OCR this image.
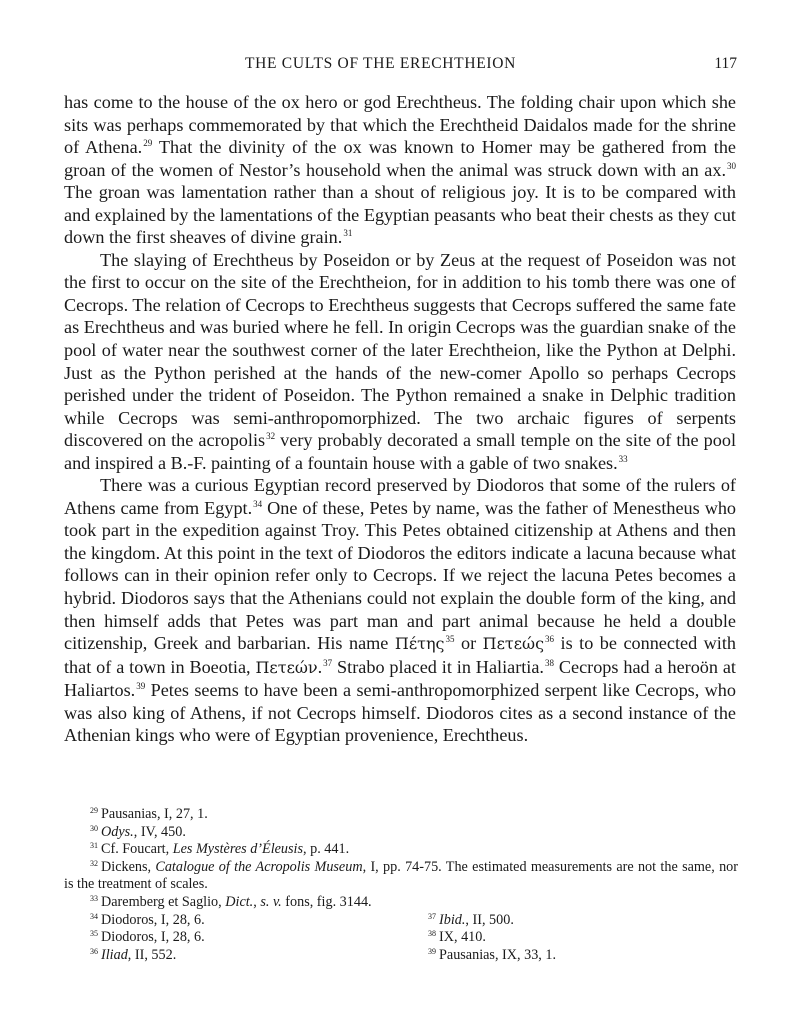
THE CULTS OF THE ERECHTHEION	117

has come to the house of the ox hero or god Erechtheus. The folding chair upon which she sits was perhaps commemorated by that which the Erechtheid Daidalos made for the shrine of Athena.$^{29}$ That the divinity of the ox was known to Homer may be gathered from the groan of the women of Nestor’s household when the animal was struck down with an ax.$^{30}$ The groan was lamentation rather than a shout of religious joy. It is to be compared with and explained by the lamentations of the Egyptian peasants who beat their chests as they cut down the first sheaves of divine grain.$^{31}$

The slaying of Erechtheus by Poseidon or by Zeus at the request of Poseidon was not the first to occur on the site of the Erechtheion, for in addition to his tomb there was one of Cecrops. The relation of Cecrops to Erechtheus suggests that Cecrops suffered the same fate as Erechtheus and was buried where he fell. In origin Cecrops was the guardian snake of the pool of water near the southwest corner of the later Erechtheion, like the Python at Delphi. Just as the Python perished at the hands of the new-comer Apollo so perhaps Cecrops perished under the trident of Poseidon. The Python remained a snake in Delphic tradition while Cecrops was semi-anthropomorphized. The two archaic figures of serpents discovered on the acropolis$^{32}$ very probably decorated a small temple on the site of the pool and inspired a B.-F. painting of a fountain house with a gable of two snakes.$^{33}$

There was a curious Egyptian record preserved by Diodoros that some of the rulers of Athens came from Egypt.$^{34}$ One of these, Petes by name, was the father of Menestheus who took part in the expedition against Troy. This Petes obtained citizenship at Athens and then the kingdom. At this point in the text of Diodoros the editors indicate a lacuna because what follows can in their opinion refer only to Cecrops. If we reject the lacuna Petes becomes a hybrid. Diodoros says that the Athenians could not explain the double form of the king, and then himself adds that Petes was part man and part animal because he held a double citizenship, Greek and barbarian. His name Πέτης$^{35}$ or Πετεώς$^{36}$ is to be connected with that of a town in Boeotia, Πετεών.$^{37}$ Strabo placed it in Haliartia.$^{38}$ Cecrops had a heroön at Haliartos.$^{39}$ Petes seems to have been a semi-anthropomorphized serpent like Cecrops, who was also king of Athens, if not Cecrops himself. Diodoros cites as a second instance of the Athenian kings who were of Egyptian provenience, Erechtheus.

$^{29}$ Pausanias, I, 27, 1.
$^{30}$ Odys., IV, 450.
$^{31}$ Cf. Foucart, Les Mystères d’Éleusis, p. 441.
$^{32}$ Dickens, Catalogue of the Acropolis Museum, I, pp. 74-75. The estimated measurements are not the same, nor is the treatment of scales.
$^{33}$ Daremberg et Saglio, Dict., s. v. fons, fig. 3144.
$^{34}$ Diodoros, I, 28, 6.	$^{37}$ Ibid., II, 500.
$^{35}$ Diodoros, I, 28, 6.	$^{38}$ IX, 410.
$^{36}$ Iliad, II, 552.	$^{39}$ Pausanias, IX, 33, 1.
